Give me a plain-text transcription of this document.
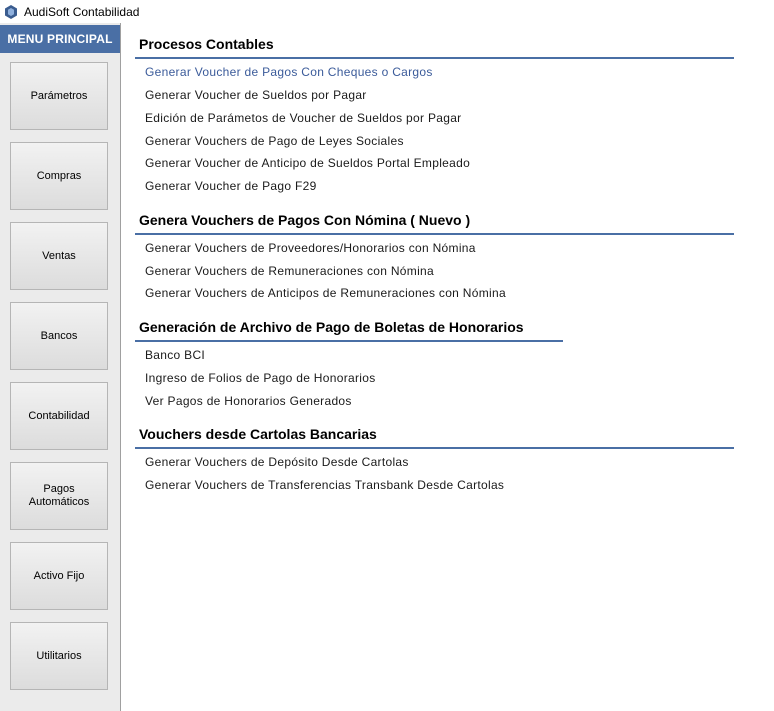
AudiSoft Contabilidad
MENU PRINCIPAL
Parámetros
Compras
Ventas
Bancos
Contabilidad
Pagos
Automáticos
Activo Fijo
Utilitarios
Procesos Contables
Generar Voucher de Pagos Con Cheques o Cargos
Generar Voucher de Sueldos por Pagar
Edición de Parámetos de Voucher de Sueldos por Pagar
Generar Vouchers de Pago de Leyes Sociales
Generar Voucher de Anticipo de Sueldos Portal Empleado
Generar Voucher de Pago F29
Genera Vouchers de Pagos Con Nómina ( Nuevo )
Generar Vouchers de Proveedores/Honorarios con Nómina
Generar Vouchers de Remuneraciones con Nómina
Generar Vouchers de Anticipos de Remuneraciones con Nómina
Generación de Archivo de Pago de Boletas de Honorarios
Banco BCI
Ingreso de Folios de Pago de Honorarios
Ver Pagos de Honorarios Generados
Vouchers desde Cartolas Bancarias
Generar Vouchers de Depósito Desde Cartolas
Generar Vouchers de Transferencias Transbank Desde Cartolas
